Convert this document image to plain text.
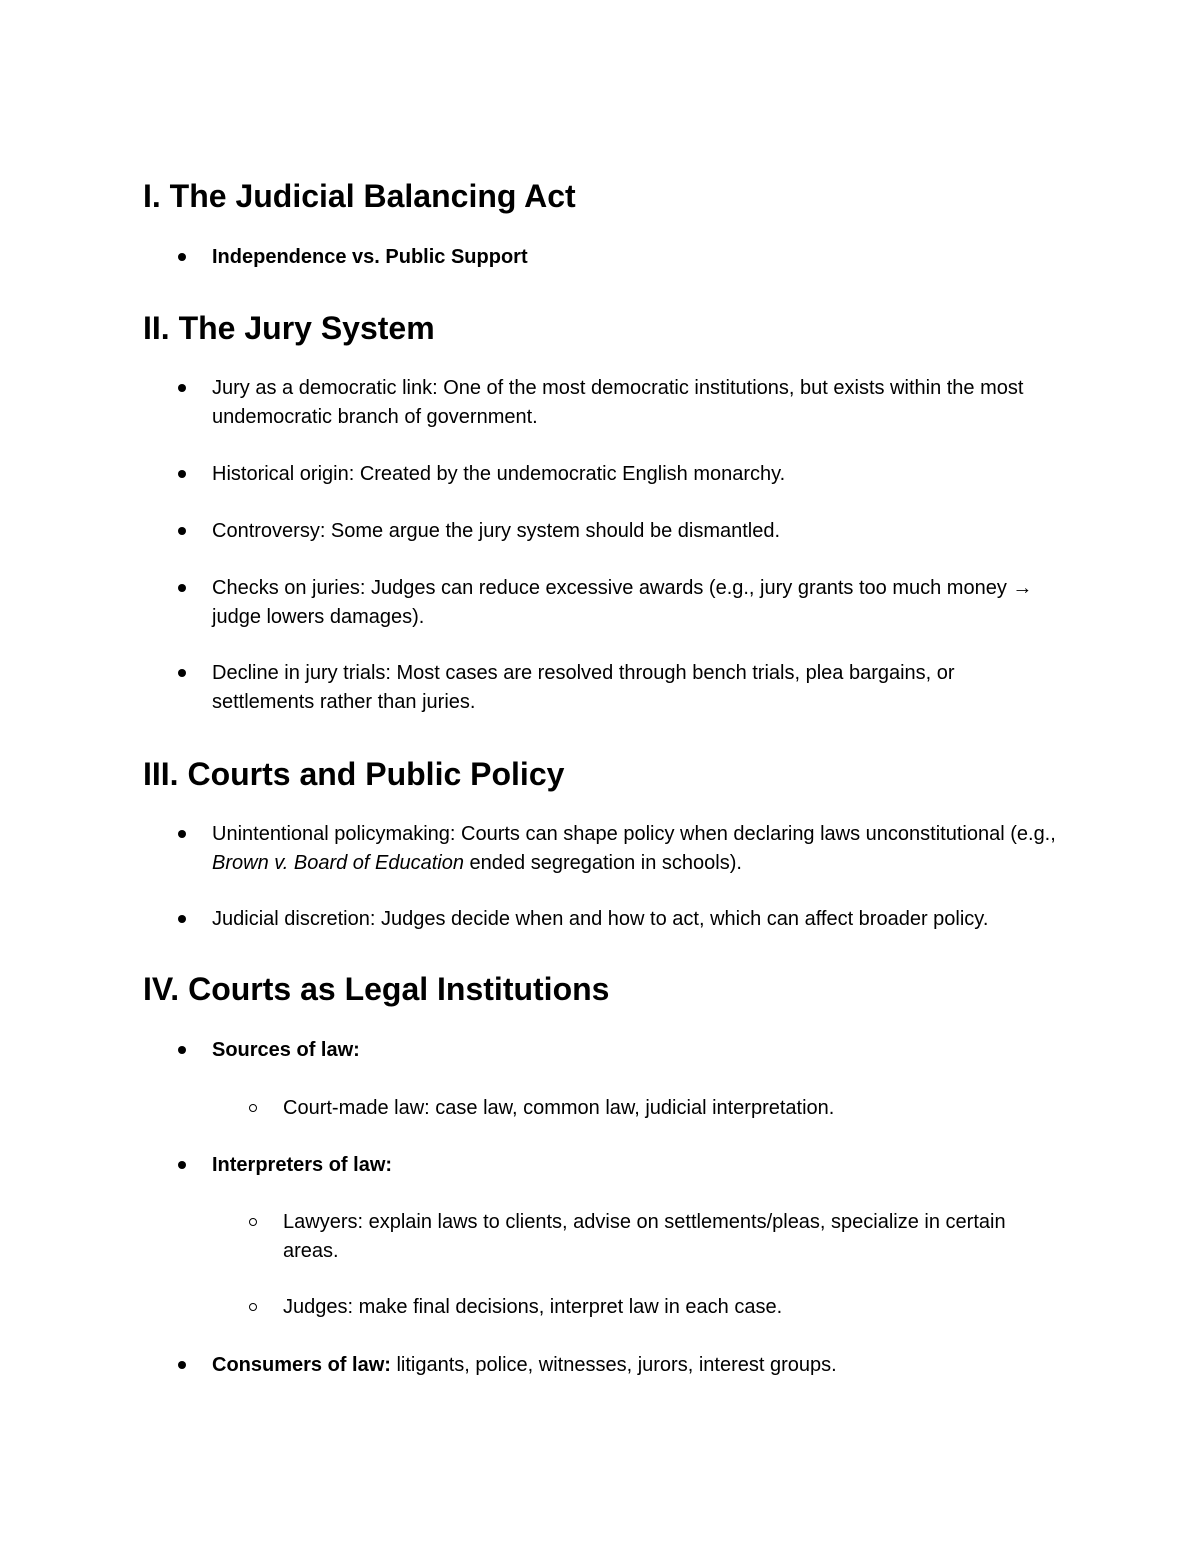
I. The Judicial Balancing Act
Independence vs. Public Support
II. The Jury System
Jury as a democratic link: One of the most democratic institutions, but exists within the most undemocratic branch of government.
Historical origin: Created by the undemocratic English monarchy.
Controversy: Some argue the jury system should be dismantled.
Checks on juries: Judges can reduce excessive awards (e.g., jury grants too much money → judge lowers damages).
Decline in jury trials: Most cases are resolved through bench trials, plea bargains, or settlements rather than juries.
III. Courts and Public Policy
Unintentional policymaking: Courts can shape policy when declaring laws unconstitutional (e.g., Brown v. Board of Education ended segregation in schools).
Judicial discretion: Judges decide when and how to act, which can affect broader policy.
IV. Courts as Legal Institutions
Sources of law:
Court-made law: case law, common law, judicial interpretation.
Interpreters of law:
Lawyers: explain laws to clients, advise on settlements/pleas, specialize in certain areas.
Judges: make final decisions, interpret law in each case.
Consumers of law: litigants, police, witnesses, jurors, interest groups.
